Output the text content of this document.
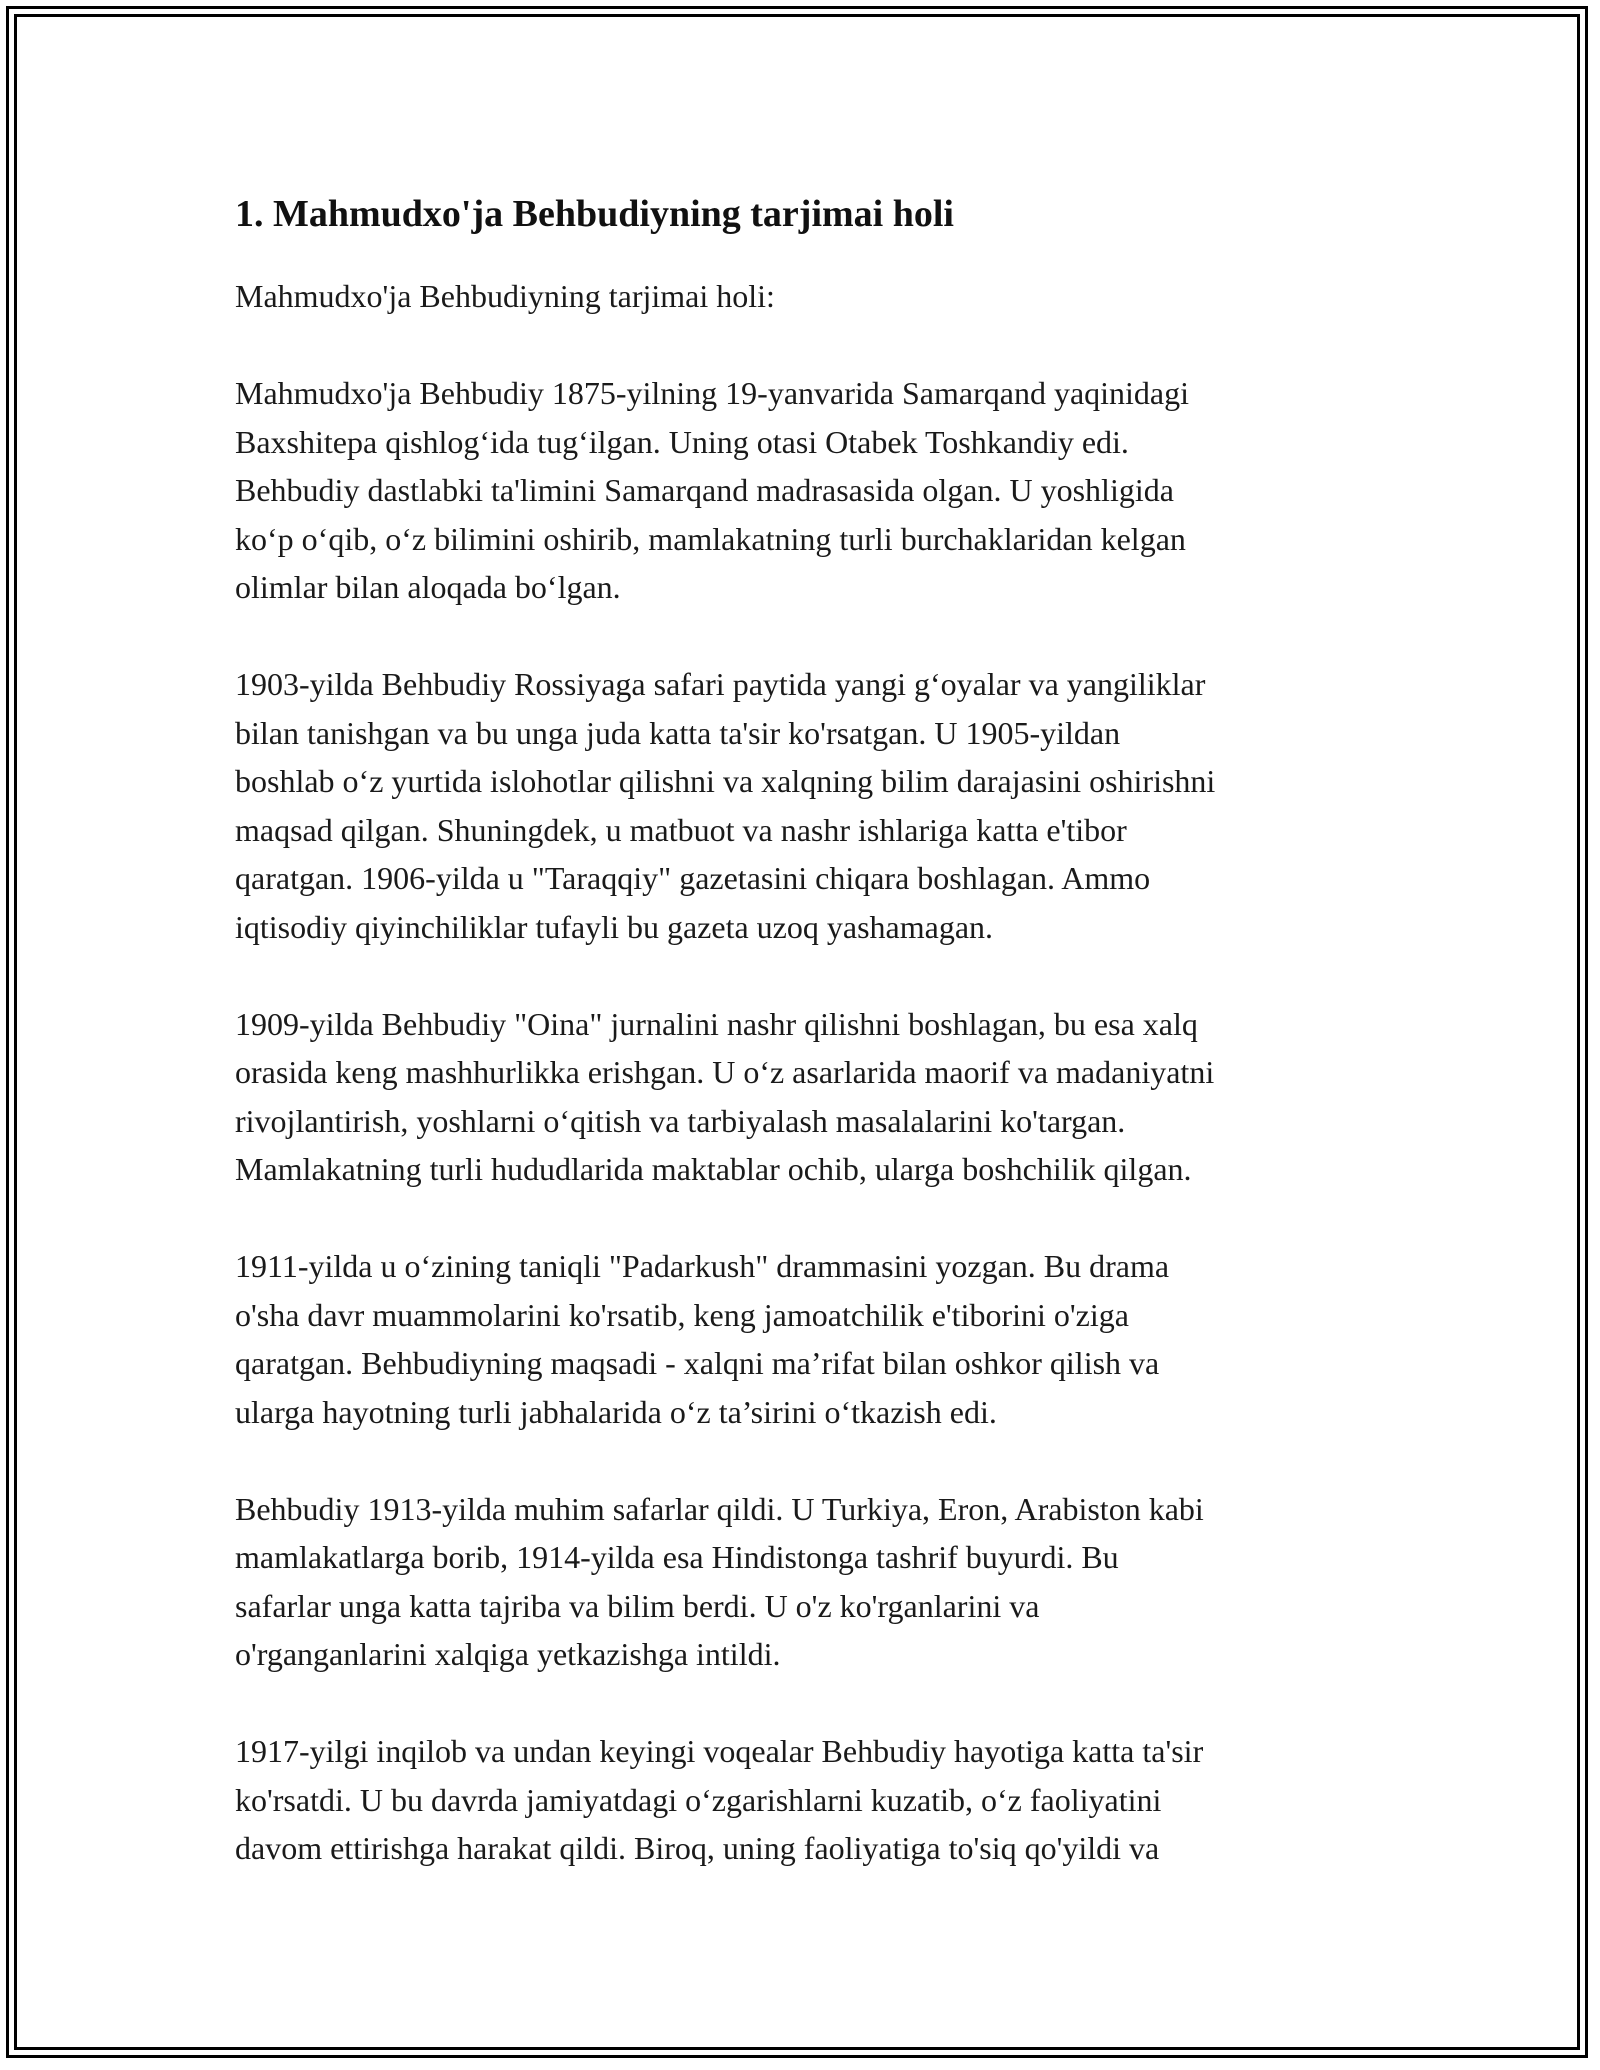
1. Mahmudxo'ja Behbudiyning tarjimai holi

Mahmudxo'ja Behbudiyning tarjimai holi:

Mahmudxo'ja Behbudiy 1875-yilning 19-yanvarida Samarqand yaqinidagi
Baxshitepa qishlog‘ida tug‘ilgan. Uning otasi Otabek Toshkandiy edi.
Behbudiy dastlabki ta'limini Samarqand madrasasida olgan. U yoshligida
ko‘p o‘qib, o‘z bilimini oshirib, mamlakatning turli burchaklaridan kelgan
olimlar bilan aloqada bo‘lgan.

1903-yilda Behbudiy Rossiyaga safari paytida yangi g‘oyalar va yangiliklar
bilan tanishgan va bu unga juda katta ta'sir ko'rsatgan. U 1905-yildan
boshlab o‘z yurtida islohotlar qilishni va xalqning bilim darajasini oshirishni
maqsad qilgan. Shuningdek, u matbuot va nashr ishlariga katta e'tibor
qaratgan. 1906-yilda u "Taraqqiy" gazetasini chiqara boshlagan. Ammo
iqtisodiy qiyinchiliklar tufayli bu gazeta uzoq yashamagan.

1909-yilda Behbudiy "Oina" jurnalini nashr qilishni boshlagan, bu esa xalq
orasida keng mashhurlikka erishgan. U o‘z asarlarida maorif va madaniyatni
rivojlantirish, yoshlarni o‘qitish va tarbiyalash masalalarini ko'targan.
Mamlakatning turli hududlarida maktablar ochib, ularga boshchilik qilgan.

1911-yilda u o‘zining taniqli "Padarkush" drammasini yozgan. Bu drama
o'sha davr muammolarini ko'rsatib, keng jamoatchilik e'tiborini o'ziga
qaratgan. Behbudiyning maqsadi - xalqni ma’rifat bilan oshkor qilish va
ularga hayotning turli jabhalarida o‘z ta’sirini o‘tkazish edi.

Behbudiy 1913-yilda muhim safarlar qildi. U Turkiya, Eron, Arabiston kabi
mamlakatlarga borib, 1914-yilda esa Hindistonga tashrif buyurdi. Bu
safarlar unga katta tajriba va bilim berdi. U o'z ko'rganlarini va
o'rganganlarini xalqiga yetkazishga intildi.

1917-yilgi inqilob va undan keyingi voqealar Behbudiy hayotiga katta ta'sir
ko'rsatdi. U bu davrda jamiyatdagi o‘zgarishlarni kuzatib, o‘z faoliyatini
davom ettirishga harakat qildi. Biroq, uning faoliyatiga to'siq qo'yildi va
